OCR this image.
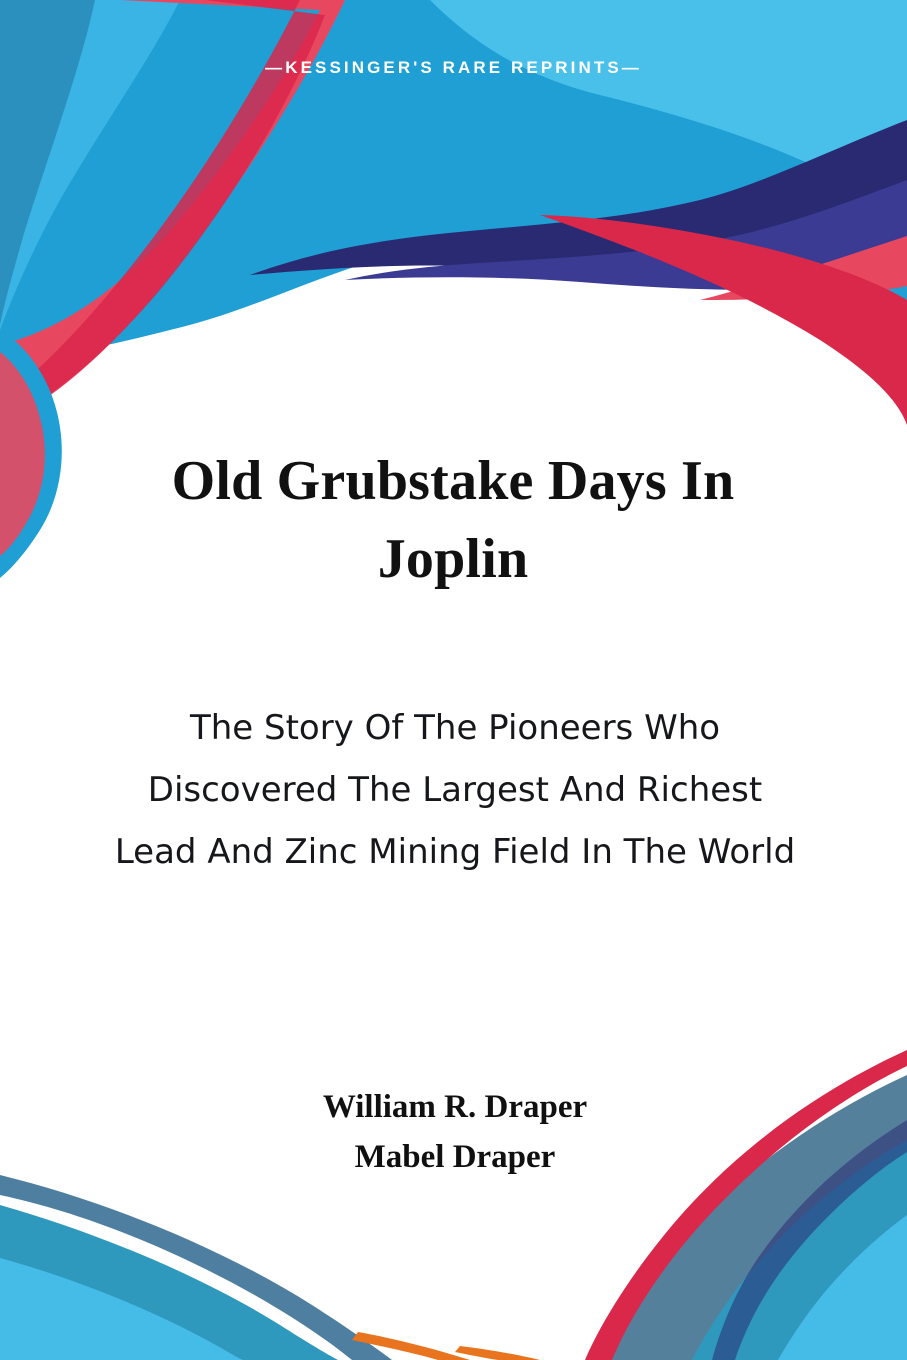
—KESSINGER'S RARE REPRINTS—
Old Grubstake Days In Joplin
The Story Of The Pioneers Who Discovered The Largest And Richest Lead And Zinc Mining Field In The World
William R. Draper
Mabel Draper
